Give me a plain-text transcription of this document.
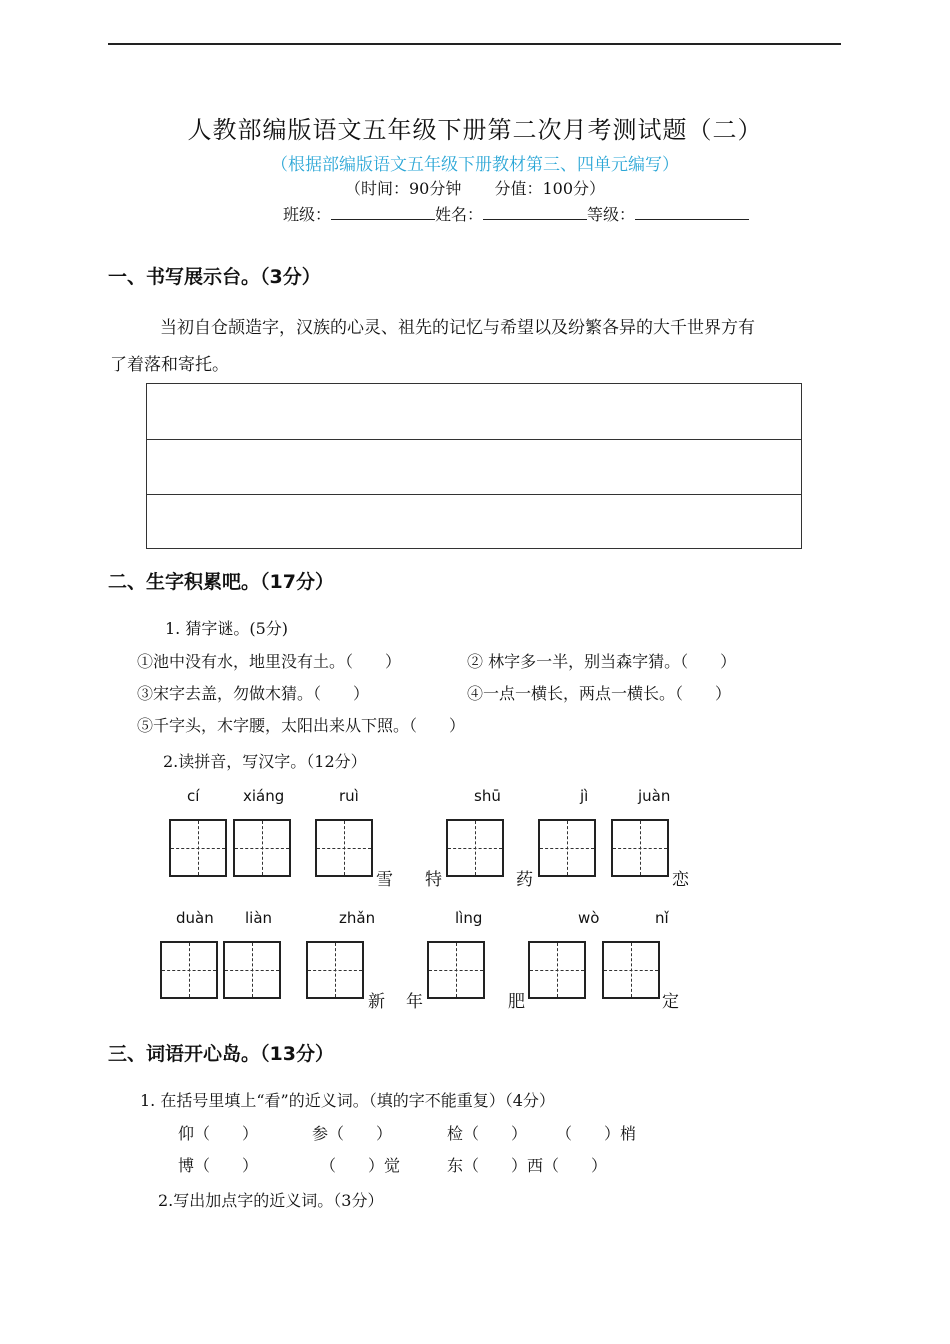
人教部编版语文五年级下册第二次月考测试题（二）
（根据部编版语文五年级下册教材第三、四单元编写）
（时间：90分钟 分值：100分）
班级：	姓名：	等级：
一、书写展示台。（3分）
当初自仓颉造字，汉族的心灵、祖先的记忆与希望以及纷繁各异的大千世界方有
了着落和寄托。
二、生字积累吧。（17分）
1. 猜字谜。(5分)
①池中没有水，地里没有土。（　　）	② 林字多一半，别当森字猜。（　　）
③宋字去盖，勿做木猜。（　　）	④一点一横长，两点一横长。（　　）
⑤千字头，木字腰，太阳出来从下照。（　　）
2.读拼音，写汉字。（12分）
cí	xiáng	ruì	shū	jì	juàn
雪 特	药	恋
duàn liàn	zhǎn	lìng	wò	nǐ
新 年	肥	定
三、词语开心岛。（13分）
1. 在括号里填上“看”的近义词。（填的字不能重复）（4分）
仰（　　）	参（　　）	检（　　） （　　）梢
博（　　）	（　　）觉	东（　　）西（　　）
2.写出加点字的近义词。（3分）
